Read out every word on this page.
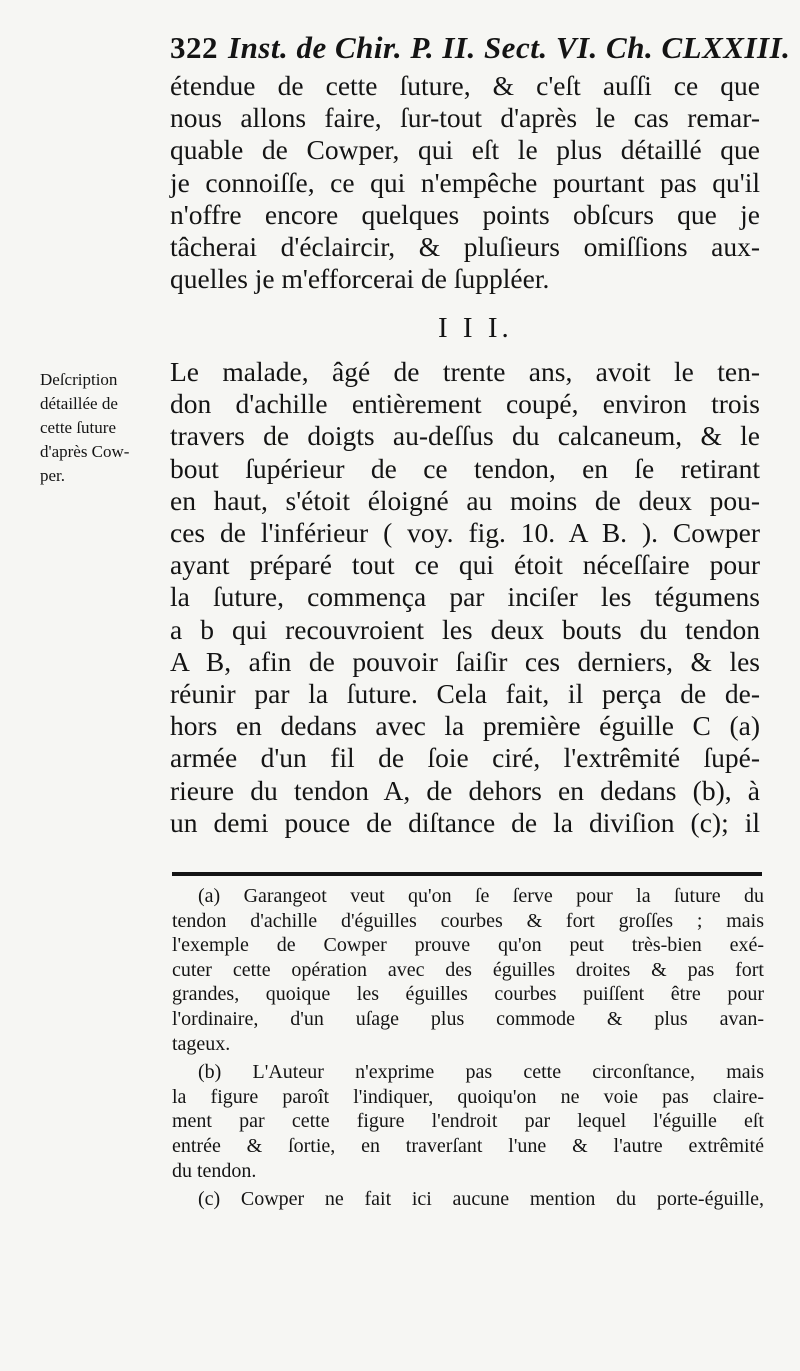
322 Inst. de Chir. P. II. Sect. VI. Ch. CLXXIII.
étendue de cette ſuture, & c'eſt auſſi ce que
nous allons faire, ſur-tout d'après le cas remar-
quable de Cowper, qui eſt le plus détaillé que
je connoiſſe, ce qui n'empêche pourtant pas qu'il
n'offre encore quelques points obſcurs que je
tâcherai d'éclaircir, & pluſieurs omiſſions aux-
quelles je m'efforcerai de ſuppléer.
I I I.
Deſcription
détaillée de
cette ſuture
d'après Cow-
per.
Le malade, âgé de trente ans, avoit le ten-
don d'achille entièrement coupé, environ trois
travers de doigts au-deſſus du calcaneum, & le
bout ſupérieur de ce tendon, en ſe retirant
en haut, s'étoit éloigné au moins de deux pou-
ces de l'inférieur ( voy. fig. 10. A B. ). Cowper
ayant préparé tout ce qui étoit néceſſaire pour
la ſuture, commença par inciſer les tégumens
a b qui recouvroient les deux bouts du tendon
A B, afin de pouvoir ſaiſir ces derniers, & les
réunir par la ſuture. Cela fait, il perça de de-
hors en dedans avec la première éguille C (a)
armée d'un fil de ſoie ciré, l'extrêmité ſupé-
rieure du tendon A, de dehors en dedans (b), à
un demi pouce de diſtance de la diviſion (c); il
(a) Garangeot veut qu'on ſe ſerve pour la ſuture du
tendon d'achille d'éguilles courbes & fort groſſes ; mais
l'exemple de Cowper prouve qu'on peut très-bien exé-
cuter cette opération avec des éguilles droites & pas fort
grandes, quoique les éguilles courbes puiſſent être pour
l'ordinaire, d'un uſage plus commode & plus avan-
tageux.
(b) L'Auteur n'exprime pas cette circonſtance, mais
la figure paroît l'indiquer, quoiqu'on ne voie pas claire-
ment par cette figure l'endroit par lequel l'éguille eſt
entrée & ſortie, en traverſant l'une & l'autre extrêmité
du tendon.
(c) Cowper ne fait ici aucune mention du porte-éguille,
